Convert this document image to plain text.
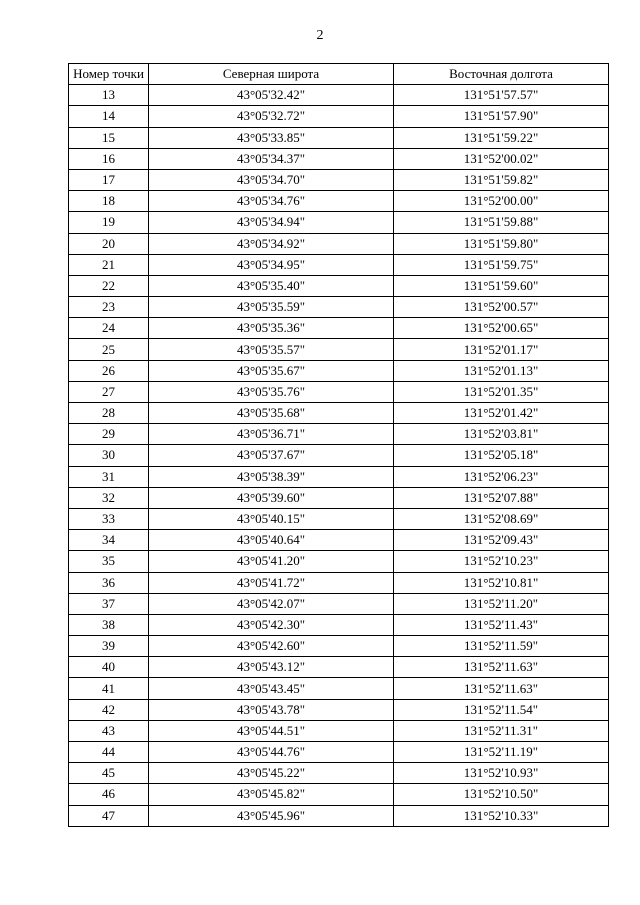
2
Номер точки	Северная широта	Восточная долгота
13	43°05'32.42"	131°51'57.57"
14	43°05'32.72"	131°51'57.90"
15	43°05'33.85"	131°51'59.22"
16	43°05'34.37"	131°52'00.02"
17	43°05'34.70"	131°51'59.82"
18	43°05'34.76"	131°52'00.00"
19	43°05'34.94"	131°51'59.88"
20	43°05'34.92"	131°51'59.80"
21	43°05'34.95"	131°51'59.75"
22	43°05'35.40"	131°51'59.60"
23	43°05'35.59"	131°52'00.57"
24	43°05'35.36"	131°52'00.65"
25	43°05'35.57"	131°52'01.17"
26	43°05'35.67"	131°52'01.13"
27	43°05'35.76"	131°52'01.35"
28	43°05'35.68"	131°52'01.42"
29	43°05'36.71"	131°52'03.81"
30	43°05'37.67"	131°52'05.18"
31	43°05'38.39"	131°52'06.23"
32	43°05'39.60"	131°52'07.88"
33	43°05'40.15"	131°52'08.69"
34	43°05'40.64"	131°52'09.43"
35	43°05'41.20"	131°52'10.23"
36	43°05'41.72"	131°52'10.81"
37	43°05'42.07"	131°52'11.20"
38	43°05'42.30"	131°52'11.43"
39	43°05'42.60"	131°52'11.59"
40	43°05'43.12"	131°52'11.63"
41	43°05'43.45"	131°52'11.63"
42	43°05'43.78"	131°52'11.54"
43	43°05'44.51"	131°52'11.31"
44	43°05'44.76"	131°52'11.19"
45	43°05'45.22"	131°52'10.93"
46	43°05'45.82"	131°52'10.50"
47	43°05'45.96"	131°52'10.33"
